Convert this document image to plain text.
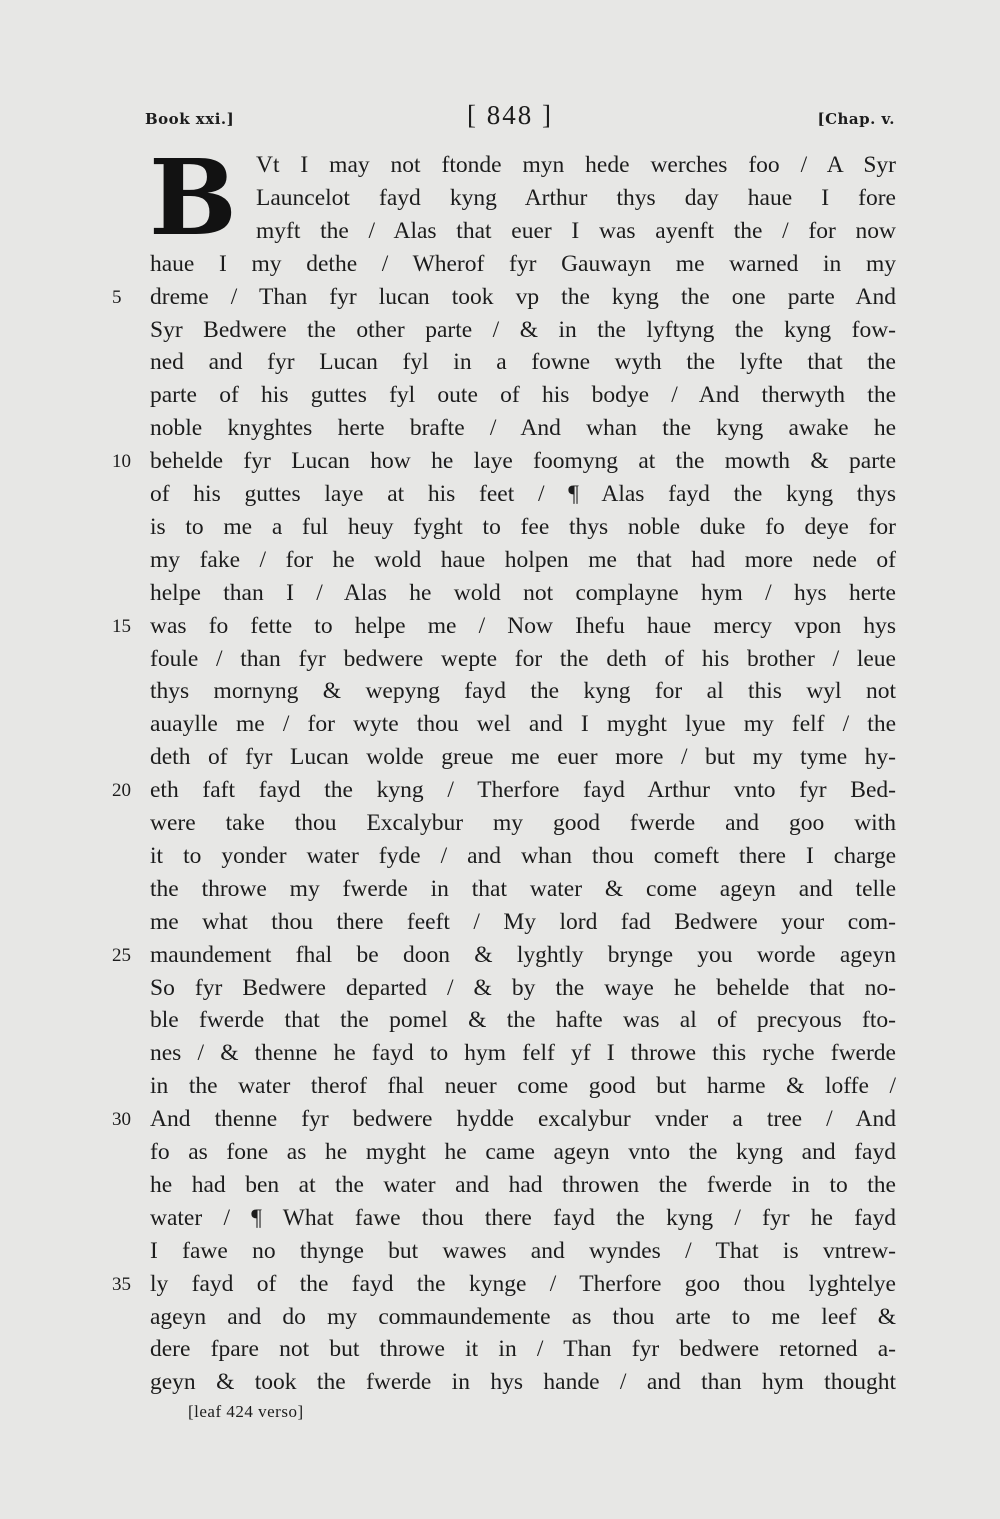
Book xxi.]	[ 848 ]	[Chap. v.
B Vt I may not ftonde myn hede werches foo / A Syr
Launcelot fayd kyng Arthur thys day haue I fore
myft the / Alas that euer I was ayenft the / for now
haue I my dethe / Wherof fyr Gauwayn me warned in my
5	dreme / Than fyr lucan took vp the kyng the one parte And
Syr Bedwere the other parte / & in the lyftyng the kyng fow-
ned and fyr Lucan fyl in a fowne wyth the lyfte that the
parte of his guttes fyl oute of his bodye / And therwyth the
noble knyghtes herte brafte / And whan the kyng awake he
10 behelde fyr Lucan how he laye foomyng at the mowth & parte
of his guttes laye at his feet / ¶ Alas fayd the kyng thys
is to me a ful heuy fyght to fee thys noble duke fo deye for
my fake / for he wold haue holpen me that had more nede of
helpe than I / Alas he wold not complayne hym / hys herte
15 was fo fette to helpe me / Now Ihefu haue mercy vpon hys
foule / than fyr bedwere wepte for the deth of his brother / leue
thys mornyng & wepyng fayd the kyng for al this wyl not
auaylle me / for wyte thou wel and I myght lyue my felf / the
deth of fyr Lucan wolde greue me euer more / but my tyme hy-
20 eth faft fayd the kyng / Therfore fayd Arthur vnto fyr Bed-
were take thou Excalybur my good fwerde and goo with
it to yonder water fyde / and whan thou comeft there I charge
the throwe my fwerde in that water & come ageyn and telle
me what thou there feeft / My lord fad Bedwere your com-
25 maundement fhal be doon & lyghtly brynge you worde ageyn
So fyr Bedwere departed / & by the waye he behelde that no-
ble fwerde that the pomel & the hafte was al of precyous fto-
nes / & thenne he fayd to hym felf yf I throwe this ryche fwerde
in the water therof fhal neuer come good but harme & loffe /
30 And thenne fyr bedwere hydde excalybur vnder a tree / And
fo as fone as he myght he came ageyn vnto the kyng and fayd
he had ben at the water and had throwen the fwerde in to the
water / ¶ What fawe thou there fayd the kyng / fyr he fayd
I fawe no thynge but wawes and wyndes / That is vntrew-
35 ly fayd of the fayd the kynge / Therfore goo thou lyghtelye
ageyn and do my commaundemente as thou arte to me leef &
dere fpare not but throwe it in / Than fyr bedwere retorned a-
geyn & took the fwerde in hys hande / and than hym thought
[leaf 424 verso]
